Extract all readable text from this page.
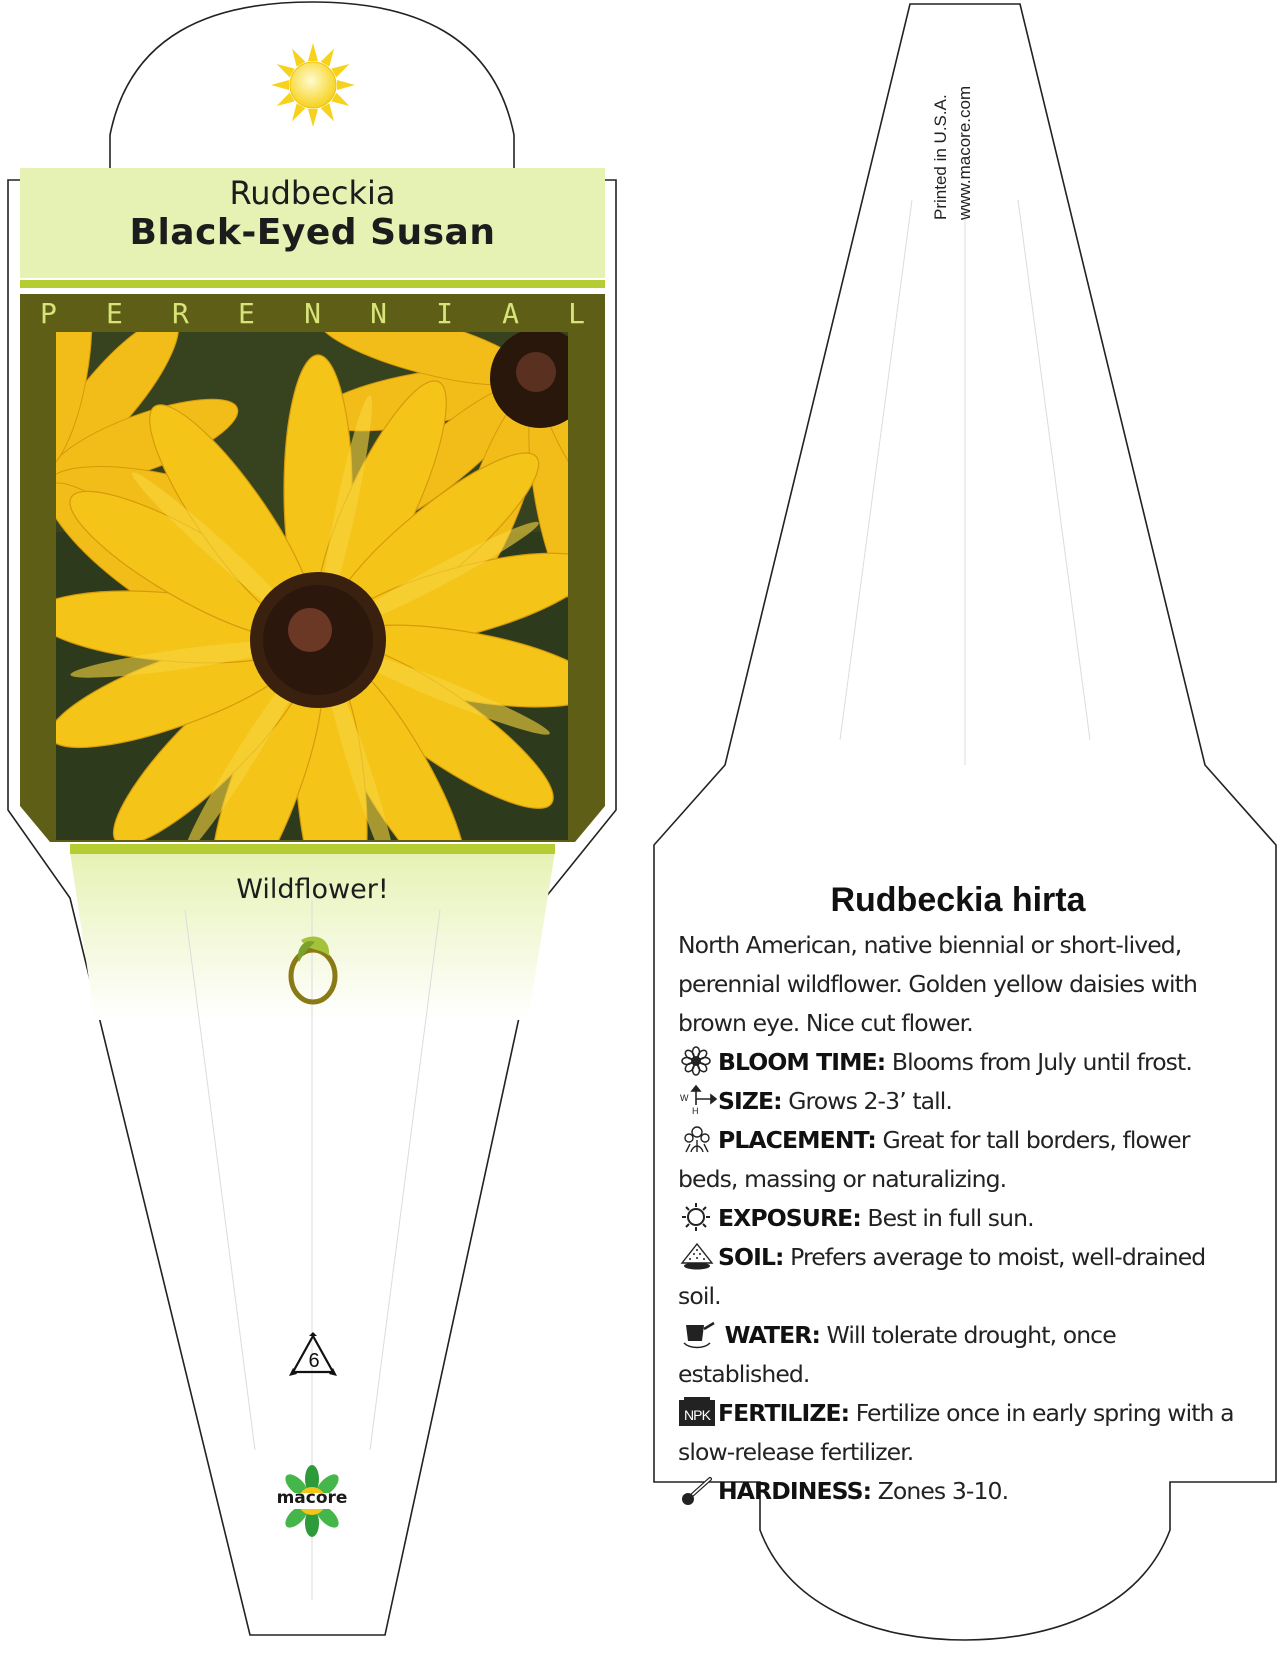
Rudbeckia
Black-Eyed Susan
P E R E N N I A L
Wildflower!
6
macore
Printed in U.S.A. www.macore.com
Rudbeckia hirta
North American, native biennial or short-lived, perennial wildflower. Golden yellow daisies with brown eye. Nice cut flower.
BLOOM TIME: Blooms from July until frost.
W
H SIZE: Grows 2-3’ tall.
PLACEMENT: Great for tall borders, flower beds, massing or naturalizing.
EXPOSURE: Best in full sun.
SOIL: Prefers average to moist, well-drained soil.
WATER: Will tolerate drought, once established.
NPK FERTILIZE: Fertilize once in early spring with a slow-release fertilizer.
HARDINESS: Zones 3-10.
